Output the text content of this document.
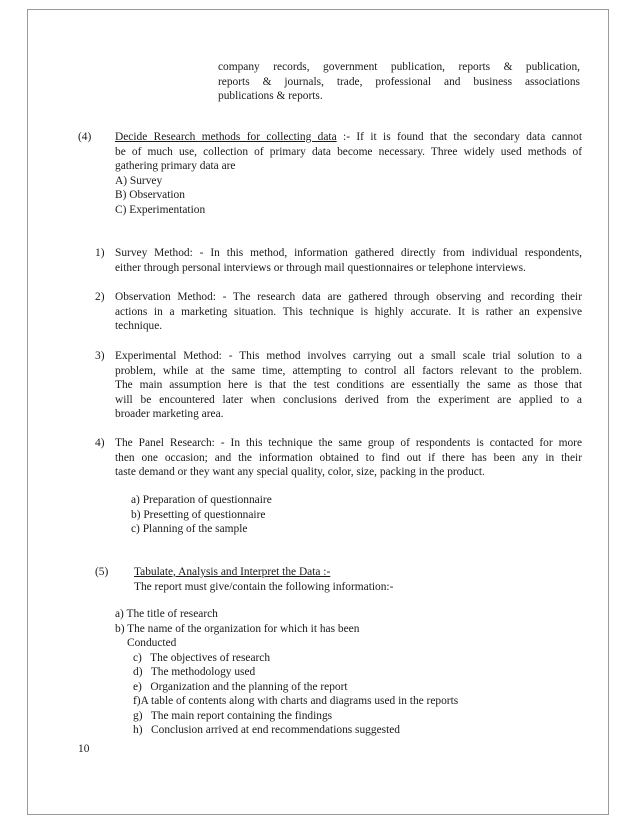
company records, government publication, reports & publication,
reports & journals, trade, professional and business associations
publications & reports.
(4) Decide Research methods for collecting data :- If it is found that the secondary data cannot
be of much use, collection of primary data become necessary. Three widely used methods of
gathering primary data are
A) Survey
B) Observation
C) Experimentation
1) Survey Method: - In this method, information gathered directly from individual respondents,
either through personal interviews or through mail questionnaires or telephone interviews.
2) Observation Method: - The research data are gathered through observing and recording their
actions in a marketing situation. This technique is highly accurate. It is rather an expensive
technique.
3) Experimental Method: - This method involves carrying out a small scale trial solution to a
problem, while at the same time, attempting to control all factors relevant to the problem.
The main assumption here is that the test conditions are essentially the same as those that
will be encountered later when conclusions derived from the experiment are applied to a
broader marketing area.
4) The Panel Research: - In this technique the same group of respondents is contacted for more
then one occasion; and the information obtained to find out if there has been any in their
taste demand or they want any special quality, color, size, packing in the product.
a) Preparation of questionnaire
b) Presetting of questionnaire
c) Planning of the sample
(5) Tabulate, Analysis and Interpret the Data :-
The report must give/contain the following information:-
a) The title of research
b) The name of the organization for which it has been
Conducted
c)   The objectives of research
d)   The methodology used
e)   Organization and the planning of the report
f)A table of contents along with charts and diagrams used in the reports
g)   The main report containing the findings
h)   Conclusion arrived at end recommendations suggested
10
